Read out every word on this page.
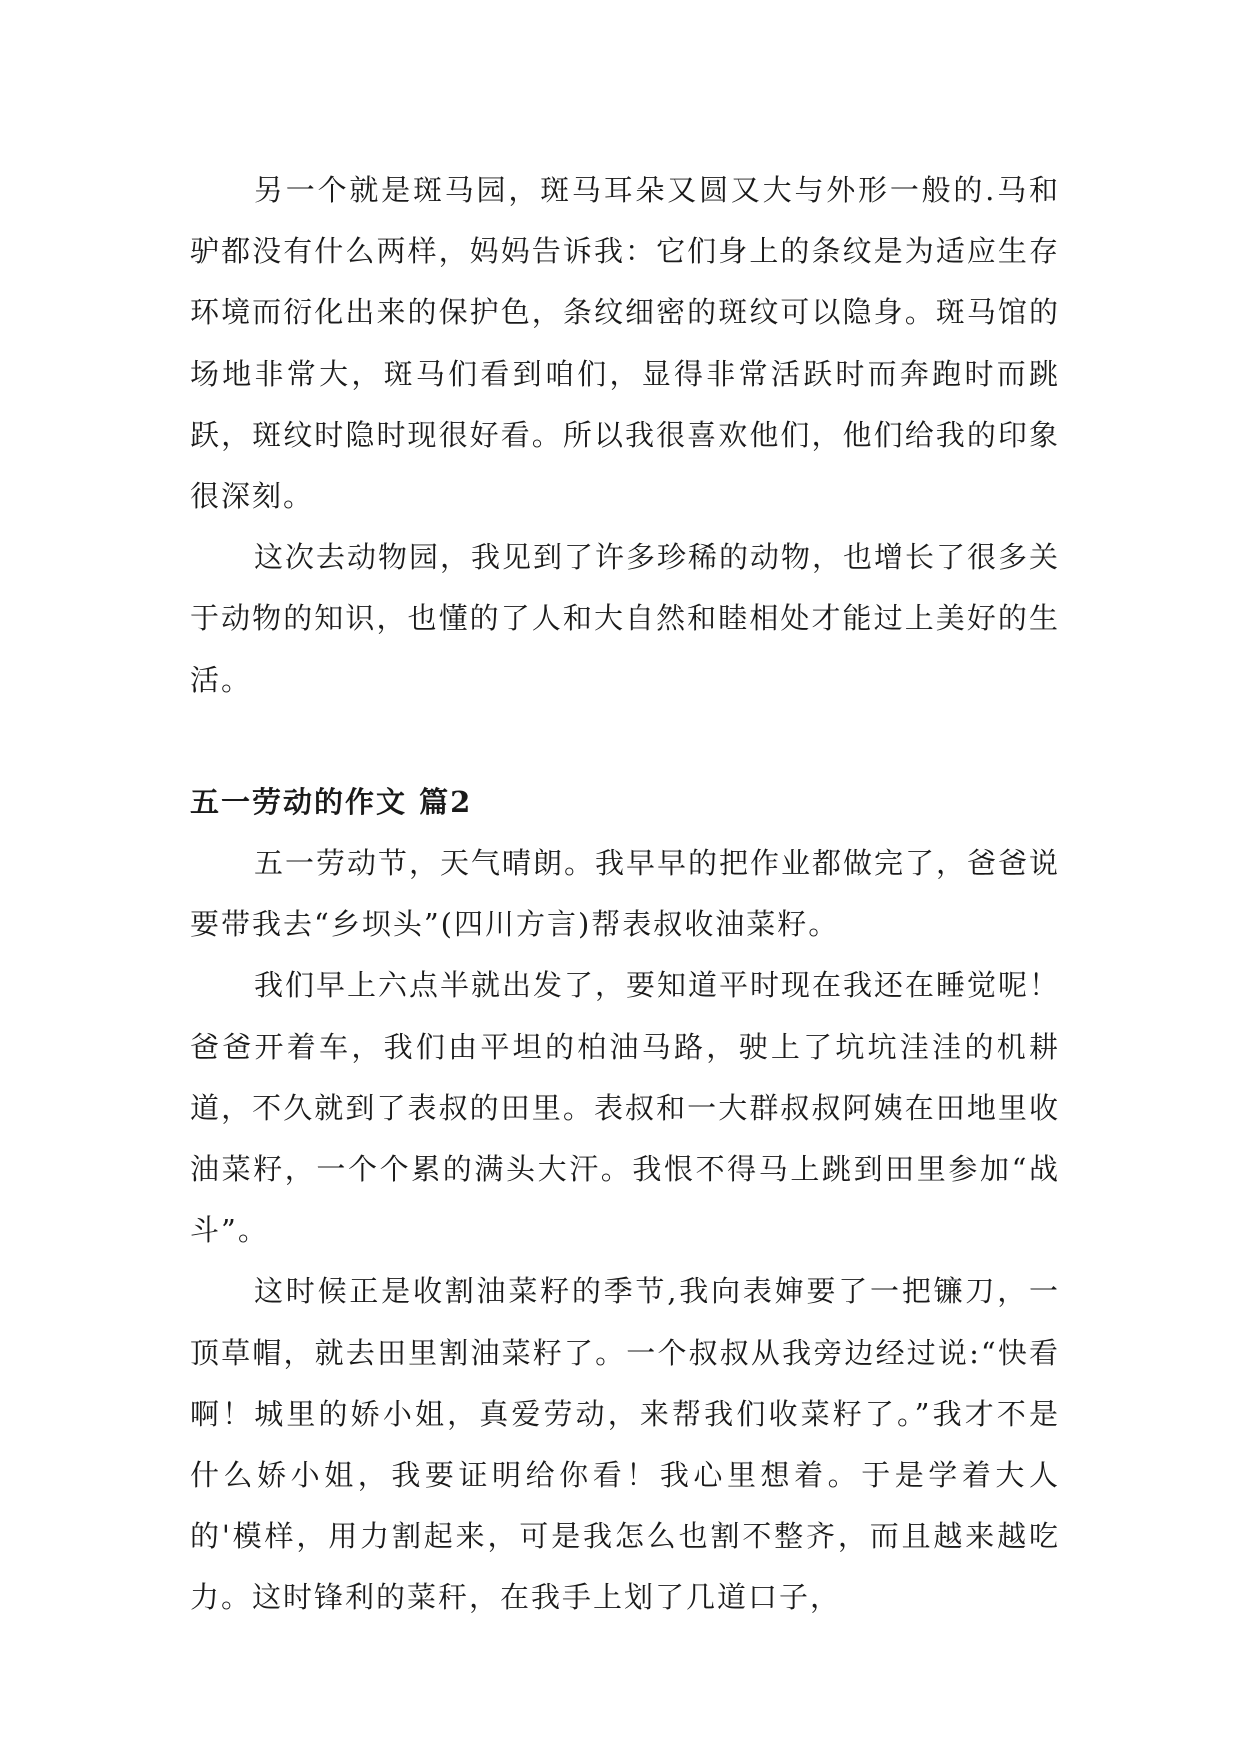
另一个就是斑马园，斑马耳朵又圆又大与外形一般的.马和驴都没有什么两样，妈妈告诉我：它们身上的条纹是为适应生存环境而衍化出来的保护色，条纹细密的斑纹可以隐身。斑马馆的场地非常大，斑马们看到咱们，显得非常活跃时而奔跑时而跳跃，斑纹时隐时现很好看。所以我很喜欢他们，他们给我的印象很深刻。

这次去动物园，我见到了许多珍稀的动物，也增长了很多关于动物的知识，也懂的了人和大自然和睦相处才能过上美好的生活。

五一劳动的作文 篇2

五一劳动节，天气晴朗。我早早的把作业都做完了，爸爸说要带我去“乡坝头”(四川方言)帮表叔收油菜籽。

我们早上六点半就出发了，要知道平时现在我还在睡觉呢！爸爸开着车，我们由平坦的柏油马路，驶上了坑坑洼洼的机耕道，不久就到了表叔的田里。表叔和一大群叔叔阿姨在田地里收油菜籽，一个个累的满头大汗。我恨不得马上跳到田里参加“战斗”。

这时候正是收割油菜籽的季节,我向表婶要了一把镰刀，一顶草帽，就去田里割油菜籽了。一个叔叔从我旁边经过说:“快看啊！城里的娇小姐，真爱劳动，来帮我们收菜籽了。”我才不是什么娇小姐，我要证明给你看！我心里想着。于是学着大人的'模样，用力割起来，可是我怎么也割不整齐，而且越来越吃力。这时锋利的菜秆，在我手上划了几道口子，
